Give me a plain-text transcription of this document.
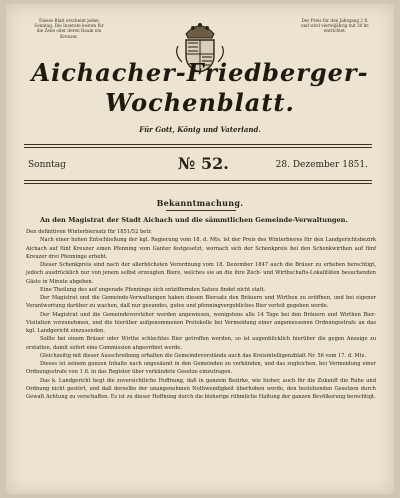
Dieses Blatt erscheint jeden Sonntag. Die Inserate kosten für die Zeile oder deren Raum ein Kreuzer.
Der Preis für den Jahrgang 2 fl. und wird vierteljährig mit 30 kr. entrichtet.
Aichacher-Friedberger-
Wochenblatt.
Für Gott, König und Vaterland.
Sonntag	№ 52.	28. Dezember 1851.
Bekanntmachung.
An den Magistrat der Stadt Aichach und die sämmtlichen Gemeinde-Verwaltungen.

Den definitiven Winterbiersatz für 1851/52 betr.

Nach einer hohen Entschließung der kgl. Regierung vom 18. d. Mts. ist der Preis des Winterbieres für den Landgerichtsbezirk Aichach auf fünf Kreuzer einen Pfenning vom Ganter festgesetzt, wornach sich der Schenkpreis bei den Schenkwirthen auf fünf Kreuzer drei Pfenninge erhebt.

Dieser Schenkpreis sind nach der allerhöchsten Verordnung vom 18. Dezember 1847 auch die Bräuer zu erheben berechtigt, jedoch ausdrücklich nur von jenem selbst erzeugten Biere, welches sie an die ihre Zech- und Wirthschafts-Lokalitäten besuchenden Gäste in Minute abgeben.

Eine Theilung des auf ungerade Pfenninge sich entziffernden Satzes findet nicht statt.

Der Magistrat und die Gemeinde-Verwaltungen haben diesen Biersatz den Bräuern und Wirthen zu eröffnen, und bei eigener Verantwortung darüber zu wachen, daß nur gesundes, gutes und pfenningvergebliches Bier verleit gegeben werde.

Der Magistrat und die Gemeindevorsteher werden angewiesen, wenigstens alle 14 Tage bei den Bräuern und Wirthen Bier-Visitation vorzunehmen, und die hierüber aufgenommenen Protokolle bei Vermeidung einer angemessenen Ordnungsstrafe an das kgl. Landgericht einzusenden.

Sollte bei einem Bräuer oder Wirthe schlechtes Bier getroffen werden, so ist augenblicklich hierüber die gegen Anzeige zu erstatten, damit sofort eine Commission abgeordnet werde.

Gleichzeitig mit dieser Ausschreibung erhalten die Gemeindevorstände auch das Kreisintelligenzblatt Nr. 56 vom 17. d. Mts.

Dieses ist seinem ganzen Inhalte nach ungesäumt in den Gemeinden zu verkünden, und das zugleichen, bei Vermeidung einer Ordnungsstrafe von 1 fl. in das Register über verkündete Gesetze einzutragen.

Das k. Landgericht hegt die zuversichtliche Hoffnung, daß in ganzem Bezirke, wie bisher, auch für die Zukunft die Ruhe und Ordnung nicht gestört, und daß derselbe der unangenehmen Nothwendigkeit überhoben werde, den bestehenden Gesetzen durch Gewalt Achtung zu verschaffen. Es ist zu dieser Hoffnung durch die bisherige rühmliche Haltung der ganzen Bevölkerung berechtigt.
